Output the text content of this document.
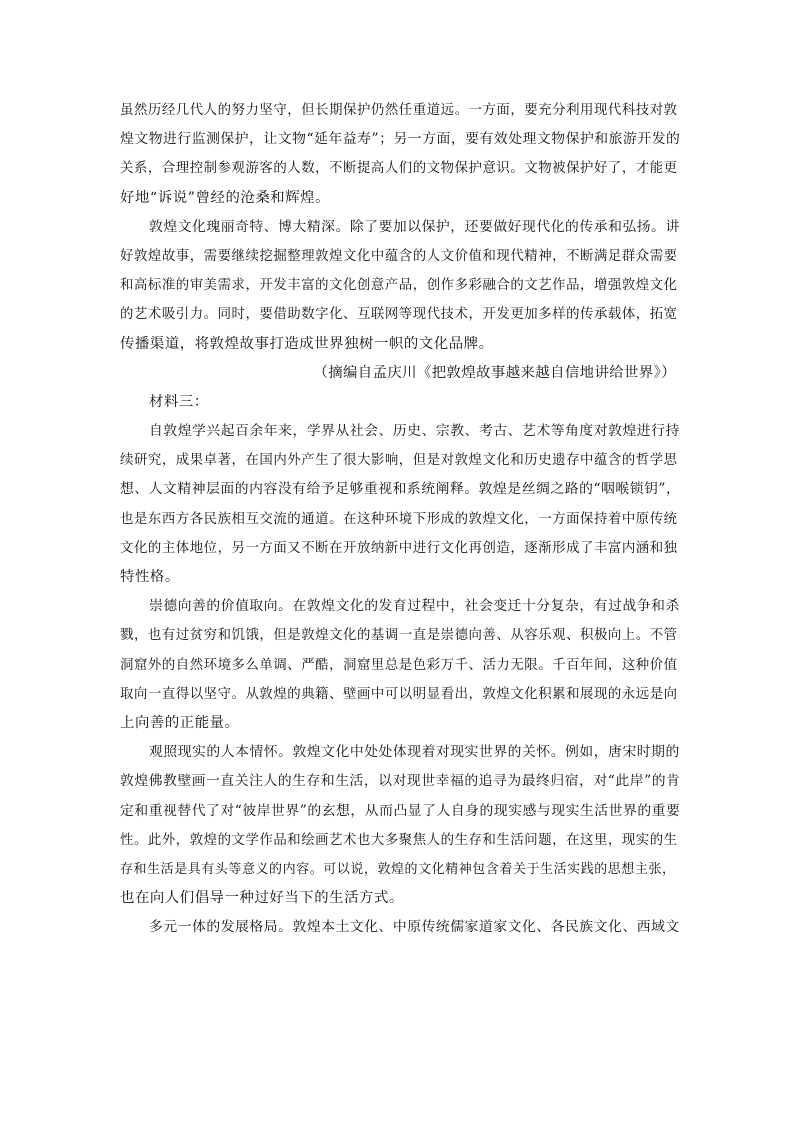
虽然历经几代人的努力坚守，但长期保护仍然任重道远。一方面，要充分利用现代科技对敦
煌文物进行监测保护，让文物“延年益寿”；另一方面，要有效处理文物保护和旅游开发的
关系，合理控制参观游客的人数，不断提高人们的文物保护意识。文物被保护好了，才能更
好地“诉说”曾经的沧桑和辉煌。
敦煌文化瑰丽奇特、博大精深。除了要加以保护，还要做好现代化的传承和弘扬。讲
好敦煌故事，需要继续挖掘整理敦煌文化中蕴含的人文价值和现代精神，不断满足群众需要
和高标准的审美需求，开发丰富的文化创意产品，创作多彩融合的文艺作品，增强敦煌文化
的艺术吸引力。同时，要借助数字化、互联网等现代技术，开发更加多样的传承载体，拓宽
传播渠道，将敦煌故事打造成世界独树一帜的文化品牌。
（摘编自孟庆川《把敦煌故事越来越自信地讲给世界》）
材料三：
自敦煌学兴起百余年来，学界从社会、历史、宗教、考古、艺术等角度对敦煌进行持
续研究，成果卓著，在国内外产生了很大影响，但是对敦煌文化和历史遗存中蕴含的哲学思
想、人文精神层面的内容没有给予足够重视和系统阐释。敦煌是丝绸之路的“咽喉锁钥”，
也是东西方各民族相互交流的通道。在这种环境下形成的敦煌文化，一方面保持着中原传统
文化的主体地位，另一方面又不断在开放纳新中进行文化再创造，逐渐形成了丰富内涵和独
特性格。
崇德向善的价值取向。在敦煌文化的发育过程中，社会变迁十分复杂，有过战争和杀
戮，也有过贫穷和饥饿，但是敦煌文化的基调一直是崇德向善、从容乐观、积极向上。不管
洞窟外的自然环境多么单调、严酷，洞窟里总是色彩万千、活力无限。千百年间，这种价值
取向一直得以坚守。从敦煌的典籍、壁画中可以明显看出，敦煌文化积累和展现的永远是向
上向善的正能量。
观照现实的人本情怀。敦煌文化中处处体现着对现实世界的关怀。例如，唐宋时期的
敦煌佛教壁画一直关注人的生存和生活，以对现世幸福的追寻为最终归宿，对“此岸”的肯
定和重视替代了对“彼岸世界”的玄想，从而凸显了人自身的现实感与现实生活世界的重要
性。此外，敦煌的文学作品和绘画艺术也大多聚焦人的生存和生活问题，在这里，现实的生
存和生活是具有头等意义的内容。可以说，敦煌的文化精神包含着关于生活实践的思想主张，
也在向人们倡导一种过好当下的生活方式。
多元一体的发展格局。敦煌本土文化、中原传统儒家道家文化、各民族文化、西域文
